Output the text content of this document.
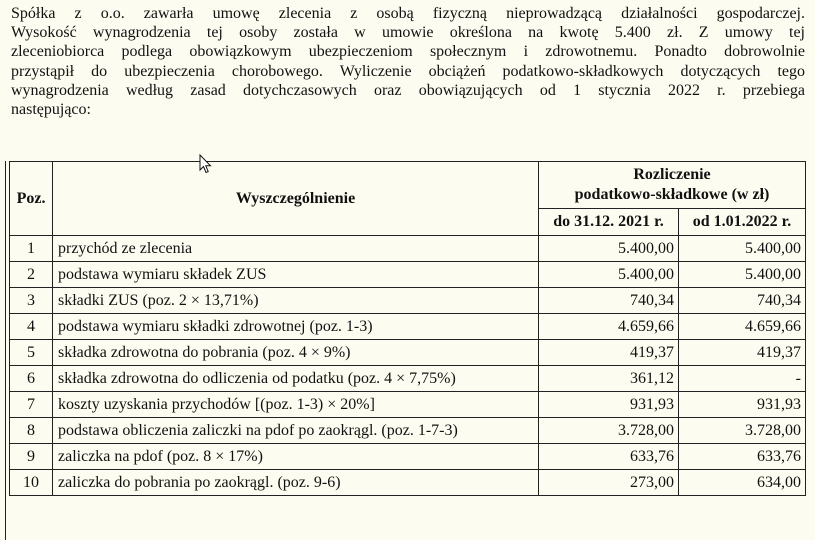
Spółka z o.o. zawarła umowę zlecenia z osobą fizyczną nieprowadzącą działalności gospodarczej.
Wysokość wynagrodzenia tej osoby została w umowie określona na kwotę 5.400 zł. Z umowy tej
zleceniobiorca podlega obowiązkowym ubezpieczeniom społecznym i zdrowotnemu. Ponadto dobrowolnie
przystąpił do ubezpieczenia chorobowego. Wyliczenie obciążeń podatkowo-składkowych dotyczących tego
wynagrodzenia według zasad dotychczasowych oraz obowiązujących od 1 stycznia 2022 r. przebiega
następująco:
Poz.	Wyszczególnienie	Rozliczenie
podatkowo-składkowe (w zł)	
		do 31.12. 2021 r.	od 1.01.2022 r.
1	przychód ze zlecenia	5.400,00	5.400,00
2	podstawa wymiaru składek ZUS	5.400,00	5.400,00
3	składki ZUS (poz. 2 × 13,71%)	740,34	740,34
4	podstawa wymiaru składki zdrowotnej (poz. 1-3)	4.659,66	4.659,66
5	składka zdrowotna do pobrania (poz. 4 × 9%)	419,37	419,37
6	składka zdrowotna do odliczenia od podatku (poz. 4 × 7,75%)	361,12	-
7	koszty uzyskania przychodów [(poz. 1-3) × 20%]	931,93	931,93
8	podstawa obliczenia zaliczki na pdof po zaokrągl. (poz. 1-7-3)	3.728,00	3.728,00
9	zaliczka na pdof (poz. 8 × 17%)	633,76	633,76
10	zaliczka do pobrania po zaokrągl. (poz. 9-6)	273,00	634,00
